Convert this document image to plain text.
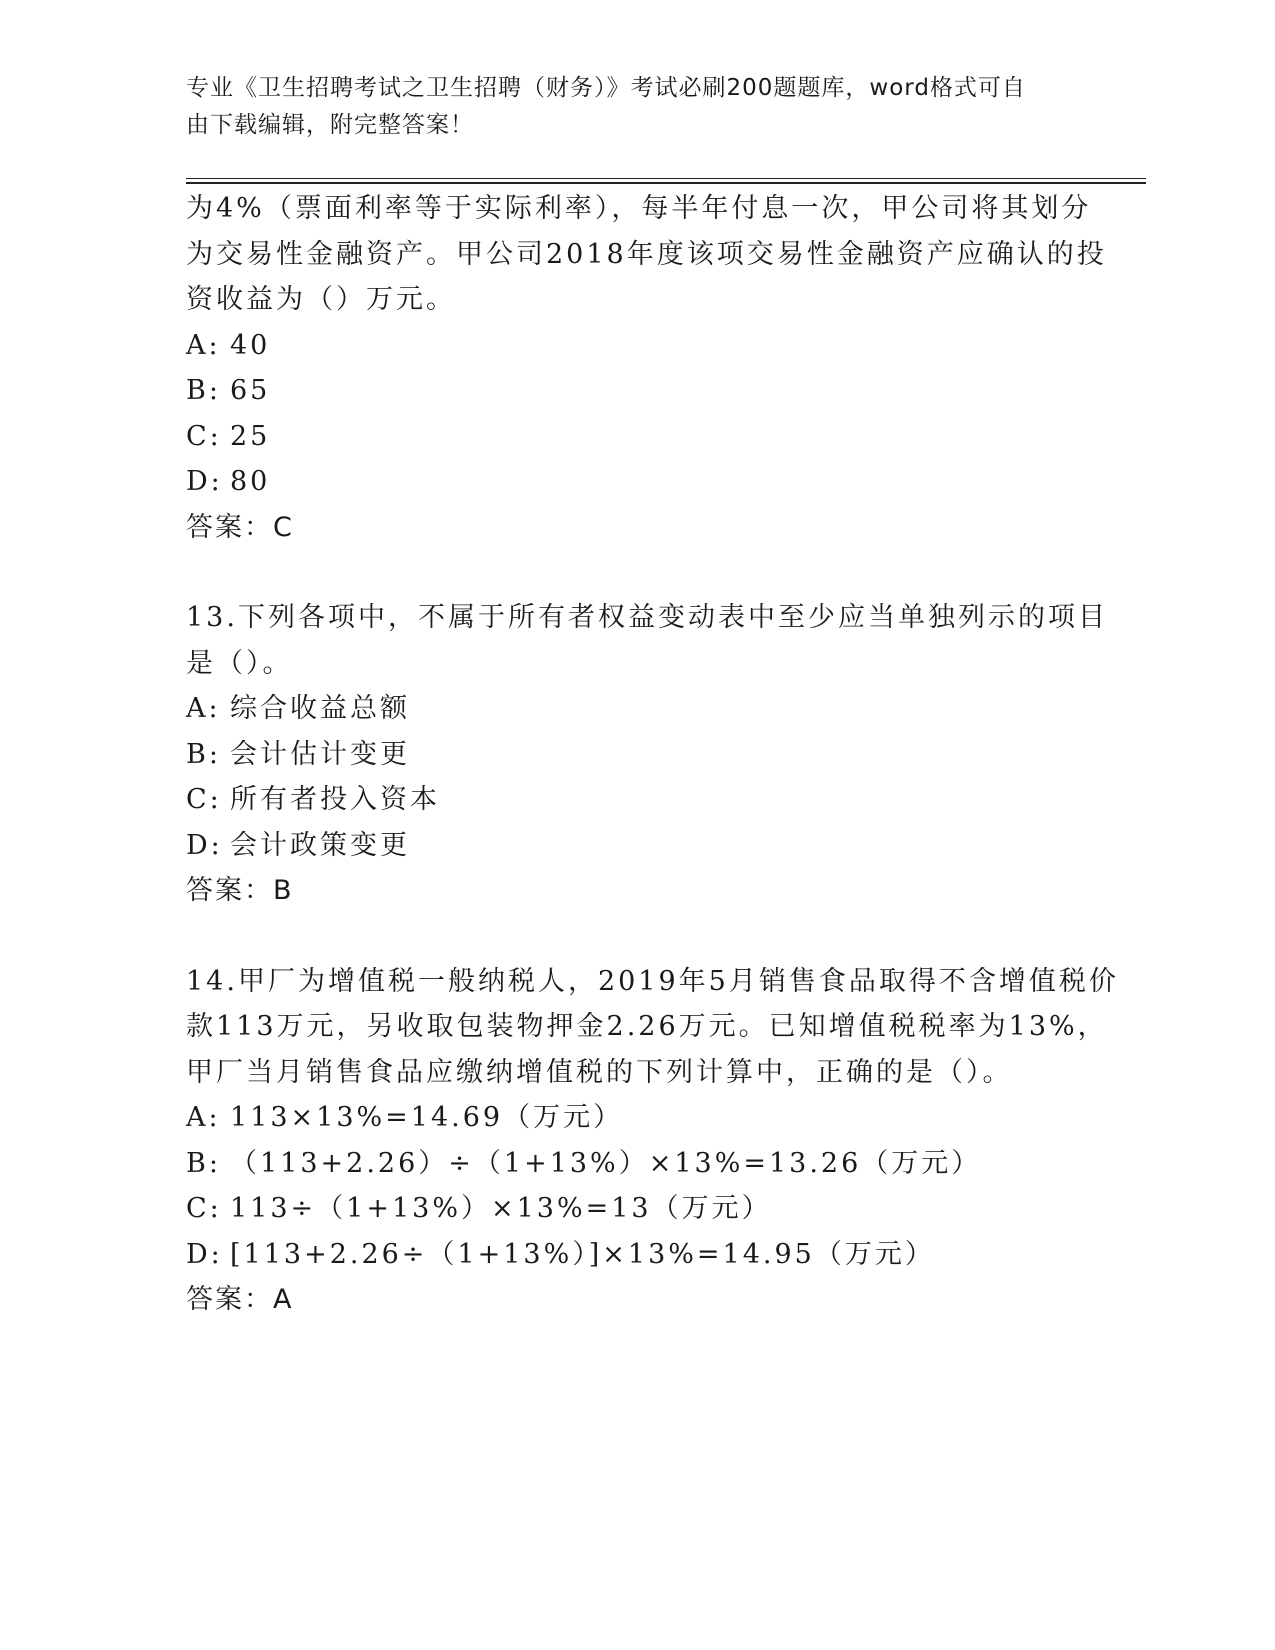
专业《卫生招聘考试之卫生招聘（财务）》考试必刷200题题库，word格式可自
由下载编辑，附完整答案！
为4%（票面利率等于实际利率），每半年付息一次，甲公司将其划分
为交易性金融资产。甲公司2018年度该项交易性金融资产应确认的投
资收益为（）万元。
A: 40
B: 65
C: 25
D: 80
答案：C
13.下列各项中，不属于所有者权益变动表中至少应当单独列示的项目
是（）。
A: 综合收益总额
B: 会计估计变更
C: 所有者投入资本
D: 会计政策变更
答案：B
14.甲厂为增值税一般纳税人，2019年5月销售食品取得不含增值税价
款113万元，另收取包装物押金2.26万元。已知增值税税率为13%，
甲厂当月销售食品应缴纳增值税的下列计算中，正确的是（）。
A: 113×13%=14.69（万元）
B: （113+2.26）÷（1+13%）×13%=13.26（万元）
C: 113÷（1+13%）×13%=13（万元）
D: [113+2.26÷（1+13%）]×13%=14.95（万元）
答案：A
